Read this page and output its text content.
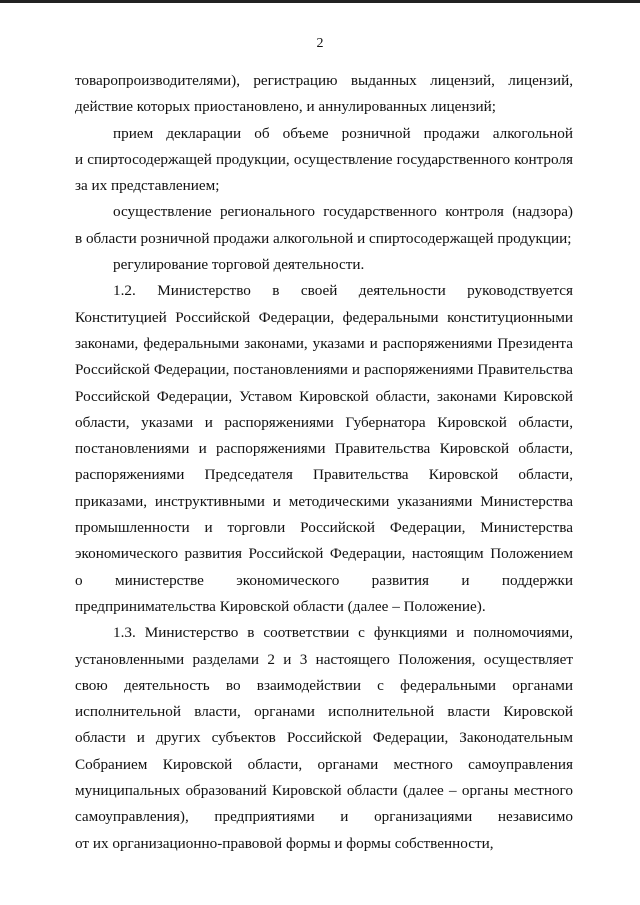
2
товаропроизводителями), регистрацию выданных лицензий, лицензий,
действие которых приостановлено, и аннулированных лицензий;
прием декларации об объеме розничной продажи алкогольной
и спиртосодержащей продукции, осуществление государственного контроля
за их представлением;
осуществление регионального государственного контроля (надзора)
в области розничной продажи алкогольной и спиртосодержащей продукции;
регулирование торговой деятельности.
1.2. Министерство в своей деятельности руководствуется
Конституцией Российской Федерации, федеральными конституционными
законами, федеральными законами, указами и распоряжениями Президента
Российской Федерации, постановлениями и распоряжениями Правительства
Российской Федерации, Уставом Кировской области, законами Кировской
области, указами и распоряжениями Губернатора Кировской области,
постановлениями и распоряжениями Правительства Кировской области,
распоряжениями Председателя Правительства Кировской области,
приказами, инструктивными и методическими указаниями Министерства
промышленности и торговли Российской Федерации, Министерства
экономического развития Российской Федерации, настоящим Положением
о министерстве экономического развития и поддержки
предпринимательства Кировской области (далее – Положение).
1.3. Министерство в соответствии с функциями и полномочиями,
установленными разделами 2 и 3 настоящего Положения, осуществляет
свою деятельность во взаимодействии с федеральными органами
исполнительной власти, органами исполнительной власти Кировской
области и других субъектов Российской Федерации, Законодательным
Собранием Кировской области, органами местного самоуправления
муниципальных образований Кировской области (далее – органы местного
самоуправления), предприятиями и организациями независимо
от их организационно-правовой формы и формы собственности,
